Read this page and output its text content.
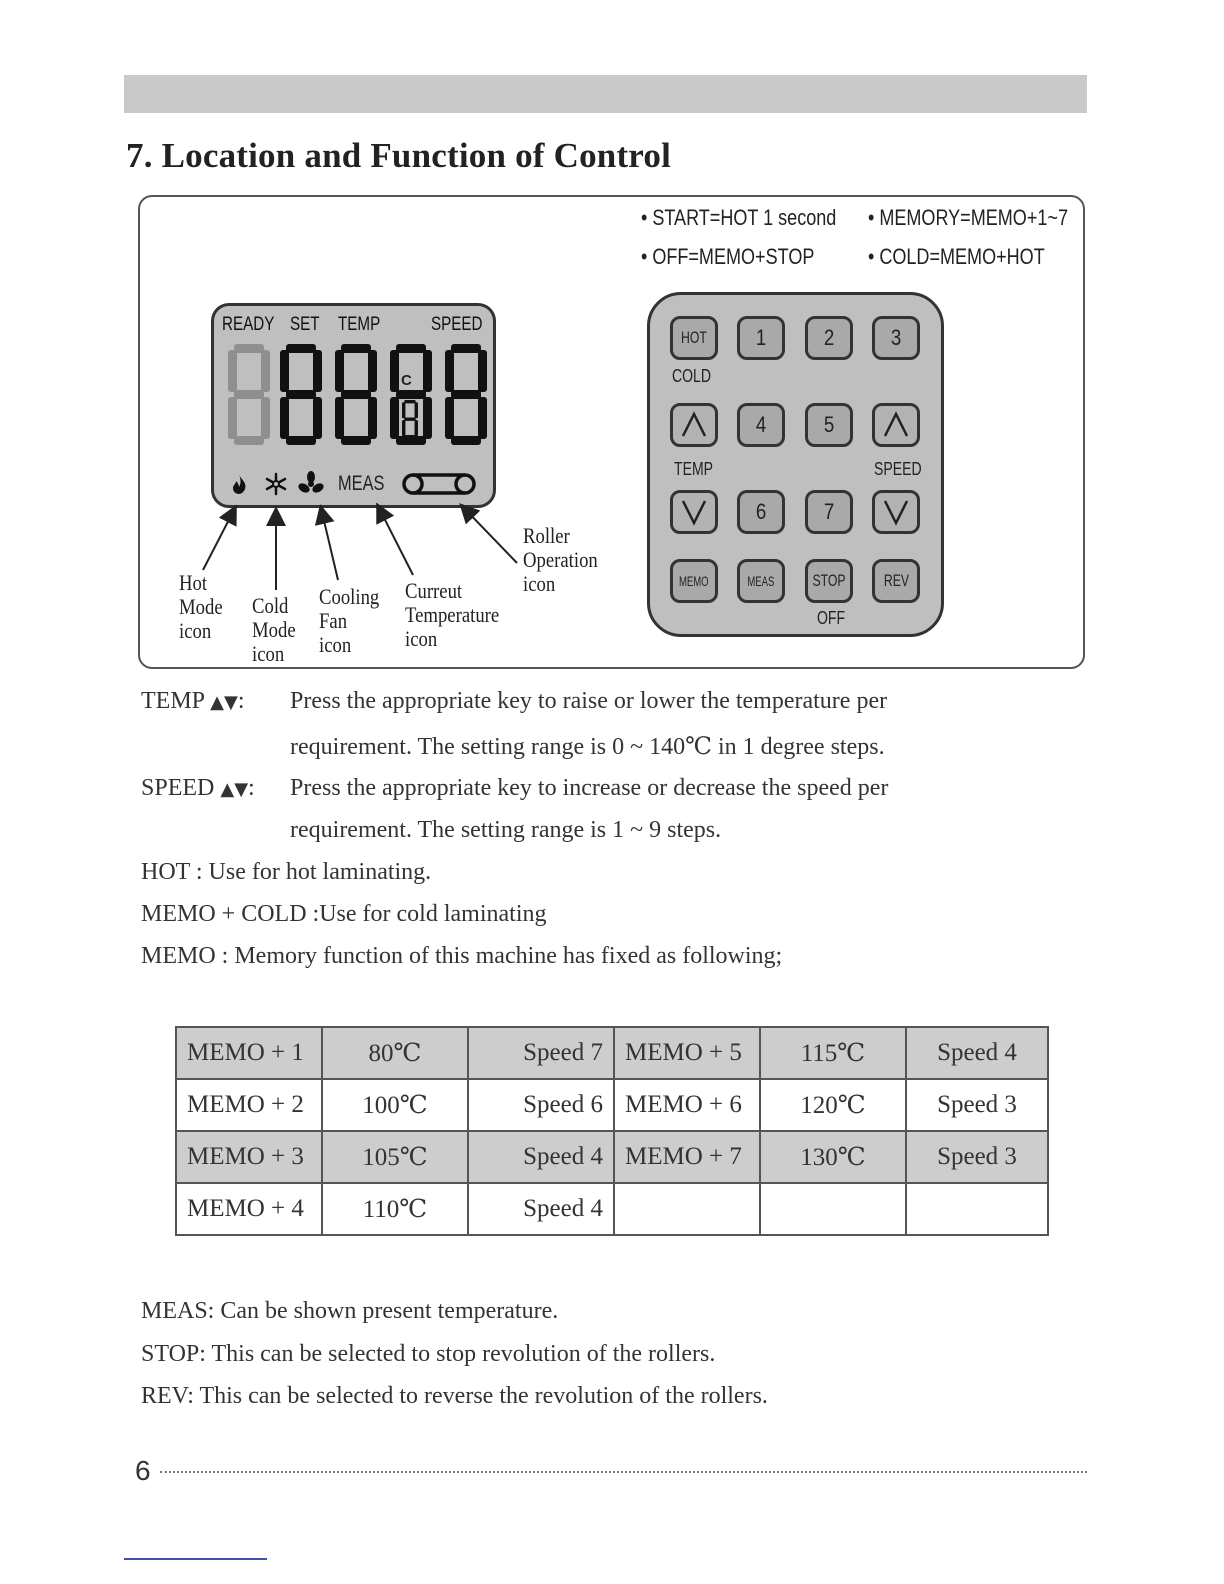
7. Location and Function of Control
• START=HOT 1 second
• OFF=MEMO+STOP
• MEMORY=MEMO+1~7
• COLD=MEMO+HOT
READY SET TEMP	SPEED
C
MEAS
Hot
Mode
icon
Cold
Mode
icon
Cooling
Fan
icon
Curreut
Temperature
icon
Roller
Operation
icon
HOT 1	2	3
COLD
4	5
TEMP	SPEED
6	7
MEMO	MEAS STOP REV
OFF

TEMP ▲▼: Press the appropriate key to raise or lower the temperature per

requirement. The setting range is 0 ~ 140℃ in 1 degree steps.

SPEED ▲▼: Press the appropriate key to increase or decrease the speed per

requirement. The setting range is 1 ~ 9 steps.

HOT : Use for hot laminating.

MEMO + COLD :Use for cold laminating

MEMO : Memory function of this machine has fixed as following;

MEMO + 1	80℃	Speed 7	MEMO + 5	115℃	Speed 4
MEMO + 2	100℃	Speed 6	MEMO + 6	120℃	Speed 3
MEMO + 3	105℃	Speed 4	MEMO + 7	130℃	Speed 3
MEMO + 4	110℃	Speed 4			

MEAS: Can be shown present temperature.

STOP: This can be selected to stop revolution of the rollers.

REV: This can be selected to reverse the revolution of the rollers.

6
